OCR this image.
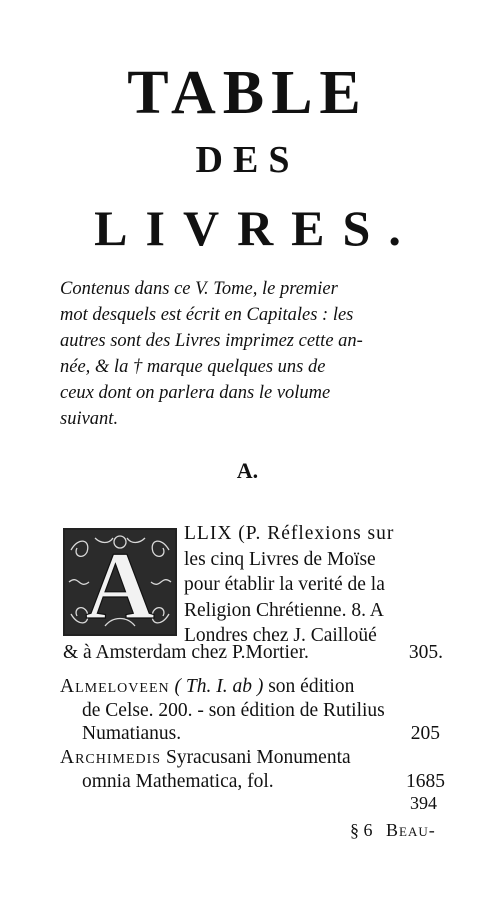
TABLE
DES
LIVRES.
Contenus dans ce V. Tome, le premier
mot desquels est écrit en Capitales : les
autres sont des Livres imprimez cette an-
née, & la † marque quelques uns de
ceux dont on parlera dans le volume
suivant.
A.
A LLIX (P. Réflexions sur
les cinq Livres de Moïse
pour établir la verité de la
Religion Chrétienne. 8. A
Londres chez J. Cailloüé
& à Amsterdam chez P.Mortier.	305.
Almeloveen ( Th. I. ab ) son édition
de Celse. 200. - son édition de Rutilius
Numatianus.	205
Archimedis Syracusani Monumenta
omnia Mathematica, fol.	1685
394
§ 6 Beau-
